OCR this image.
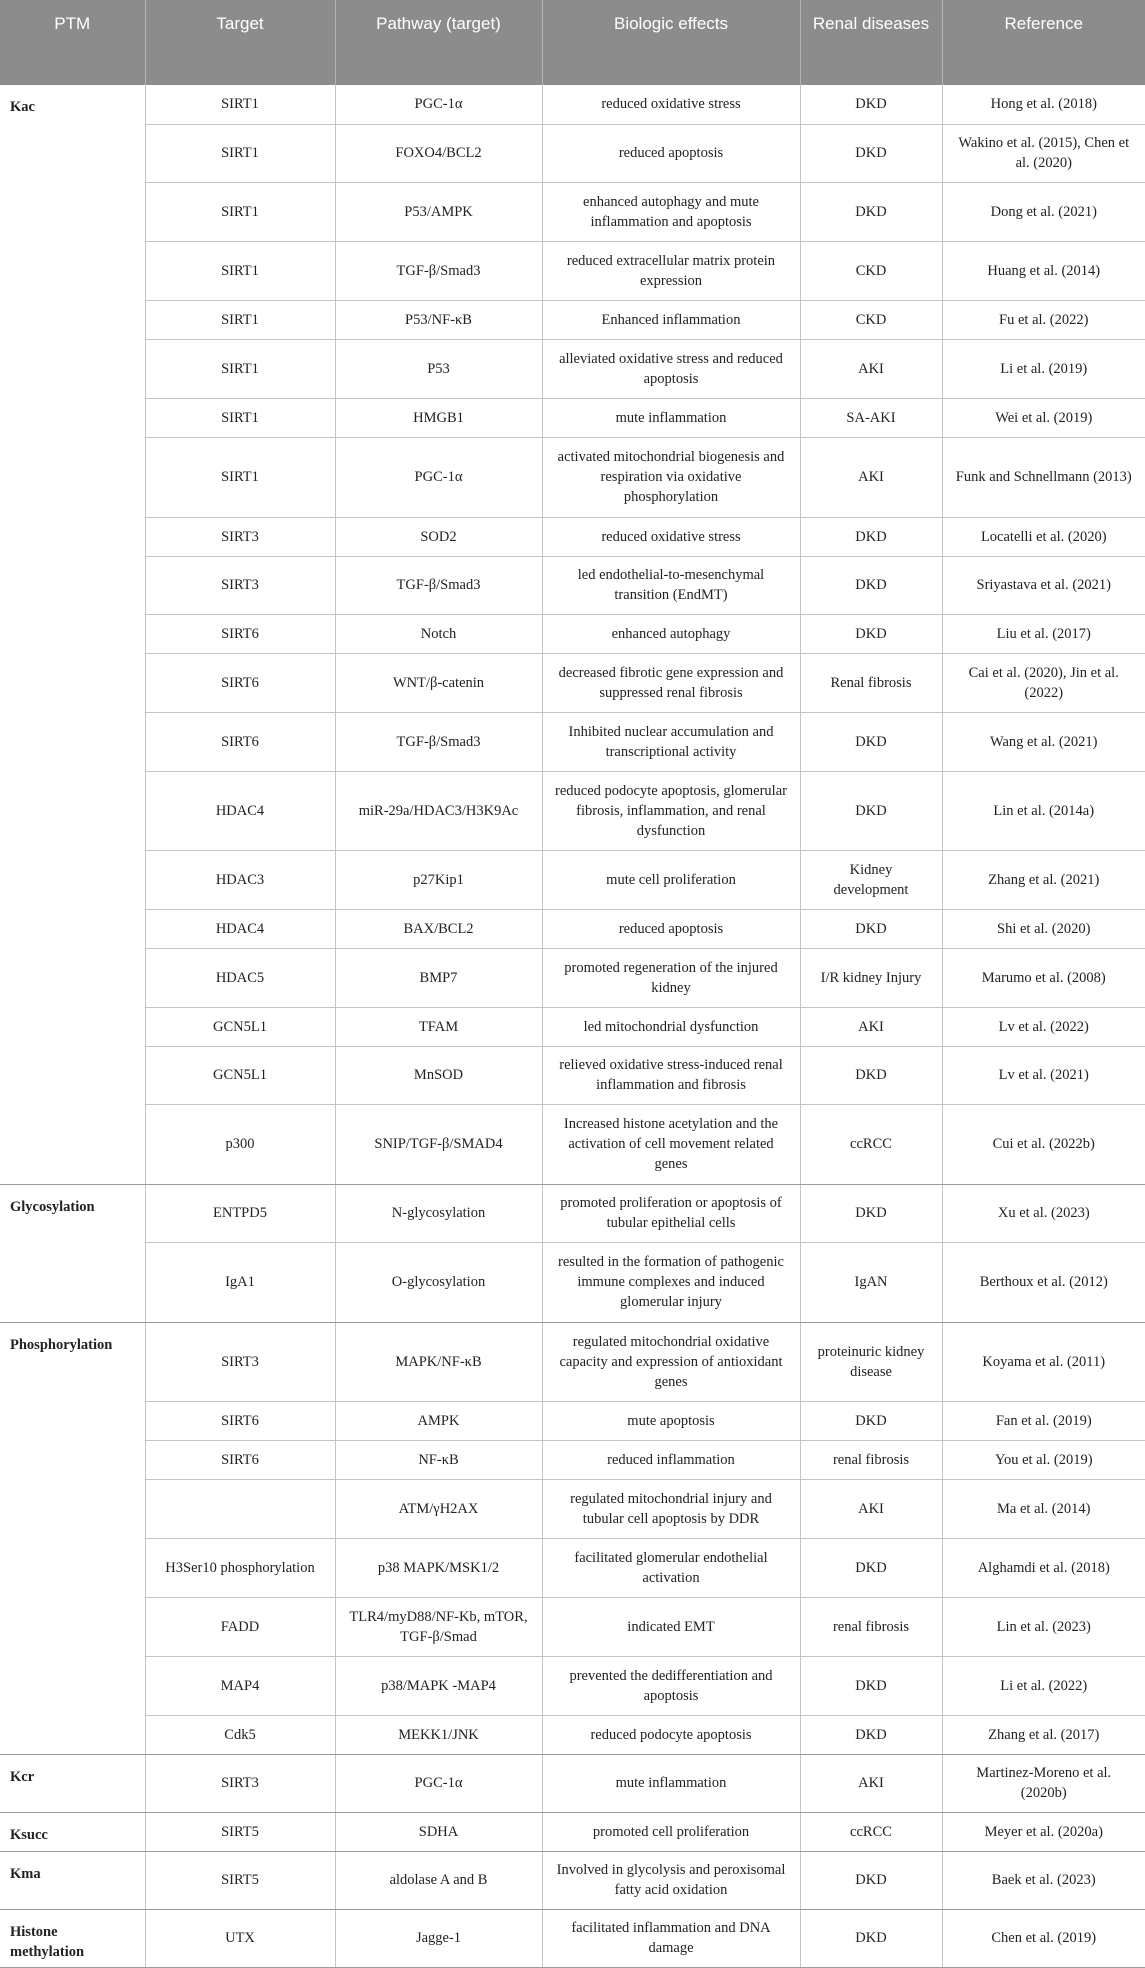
PTM	Target	Pathway (target)	Biologic effects	Renal diseases	Reference
Kac	SIRT1	PGC-1α	reduced oxidative stress	DKD	Hong et al. (2018)
	SIRT1	FOXO4/BCL2	reduced apoptosis	DKD	Wakino et al. (2015), Chen et al. (2020)
	SIRT1	P53/AMPK	enhanced autophagy and mute inflammation and apoptosis	DKD	Dong et al. (2021)
	SIRT1	TGF-β/Smad3	reduced extracellular matrix protein expression	CKD	Huang et al. (2014)
	SIRT1	P53/NF-κB	Enhanced inflammation	CKD	Fu et al. (2022)
	SIRT1	P53	alleviated oxidative stress and reduced apoptosis	AKI	Li et al. (2019)
	SIRT1	HMGB1	mute inflammation	SA-AKI	Wei et al. (2019)
	SIRT1	PGC-1α	activated mitochondrial biogenesis and respiration via oxidative phosphorylation	AKI	Funk and Schnellmann (2013)
	SIRT3	SOD2	reduced oxidative stress	DKD	Locatelli et al. (2020)
	SIRT3	TGF-β/Smad3	led endothelial-to-mesenchymal transition (EndMT)	DKD	Sriyastava et al. (2021)
	SIRT6	Notch	enhanced autophagy	DKD	Liu et al. (2017)
	SIRT6	WNT/β-catenin	decreased fibrotic gene expression and suppressed renal fibrosis	Renal fibrosis	Cai et al. (2020), Jin et al. (2022)
	SIRT6	TGF-β/Smad3	Inhibited nuclear accumulation and transcriptional activity	DKD	Wang et al. (2021)
	HDAC4	miR-29a/HDAC3/H3K9Ac	reduced podocyte apoptosis, glomerular fibrosis, inflammation, and renal dysfunction	DKD	Lin et al. (2014a)
	HDAC3	p27Kip1	mute cell proliferation	Kidney development	Zhang et al. (2021)
	HDAC4	BAX/BCL2	reduced apoptosis	DKD	Shi et al. (2020)
	HDAC5	BMP7	promoted regeneration of the injured kidney	I/R kidney Injury	Marumo et al. (2008)
	GCN5L1	TFAM	led mitochondrial dysfunction	AKI	Lv et al. (2022)
	GCN5L1	MnSOD	relieved oxidative stress-induced renal inflammation and fibrosis	DKD	Lv et al. (2021)
	p300	SNIP/TGF-β/SMAD4	Increased histone acetylation and the activation of cell movement related genes	ccRCC	Cui et al. (2022b)
Glycosylation	ENTPD5	N-glycosylation	promoted proliferation or apoptosis of tubular epithelial cells	DKD	Xu et al. (2023)
	IgA1	O-glycosylation	resulted in the formation of pathogenic immune complexes and induced glomerular injury	IgAN	Berthoux et al. (2012)
Phosphorylation	SIRT3	MAPK/NF-κB	regulated mitochondrial oxidative capacity and expression of antioxidant genes	proteinuric kidney disease	Koyama et al. (2011)
	SIRT6	AMPK	mute apoptosis	DKD	Fan et al. (2019)
	SIRT6	NF-κB	reduced inflammation	renal fibrosis	You et al. (2019)
		ATM/γH2AX	regulated mitochondrial injury and tubular cell apoptosis by DDR	AKI	Ma et al. (2014)
	H3Ser10 phosphorylation	p38 MAPK/MSK1/2	facilitated glomerular endothelial activation	DKD	Alghamdi et al. (2018)
	FADD	TLR4/myD88/NF-Kb, mTOR, TGF-β/Smad	indicated EMT	renal fibrosis	Lin et al. (2023)
	MAP4	p38/MAPK -MAP4	prevented the dedifferentiation and apoptosis	DKD	Li et al. (2022)
	Cdk5	MEKK1/JNK	reduced podocyte apoptosis	DKD	Zhang et al. (2017)
Kcr	SIRT3	PGC-1α	mute inflammation	AKI	Martinez-Moreno et al. (2020b)
Ksucc	SIRT5	SDHA	promoted cell proliferation	ccRCC	Meyer et al. (2020a)
Kma	SIRT5	aldolase A and B	Involved in glycolysis and peroxisomal fatty acid oxidation	DKD	Baek et al. (2023)
Histone methylation	UTX	Jagge-1	facilitated inflammation and DNA damage	DKD	Chen et al. (2019)
